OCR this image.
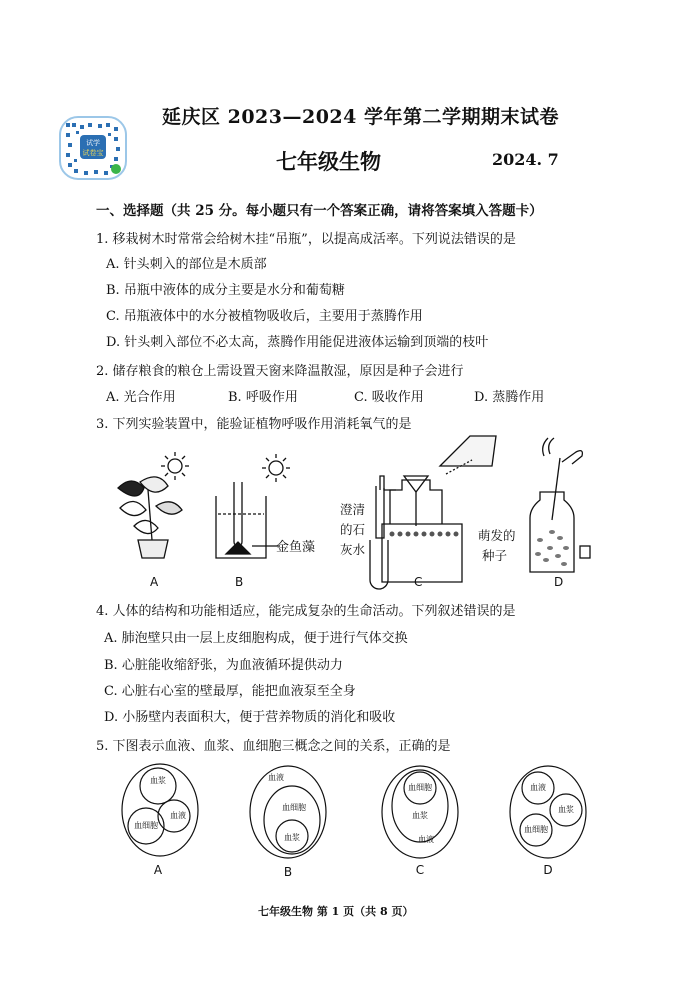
试学
试卷宝
延庆区 2023—2024 学年第二学期期末试卷
七年级生物	2024. 7
一、选择题（共 25 分。每小题只有一个答案正确，请将答案填入答题卡）
1. 移栽树木时常常会给树木挂“吊瓶”，以提高成活率。下列说法错误的是
A. 针头刺入的部位是木质部
B. 吊瓶中液体的成分主要是水分和葡萄糖
C. 吊瓶液体中的水分被植物吸收后，主要用于蒸腾作用
D. 针头刺入部位不必太高，蒸腾作用能促进液体运输到顶端的枝叶
2. 储存粮食的粮仓上需设置天窗来降温散湿，原因是种子会进行
A. 光合作用	B. 呼吸作用	C. 吸收作用	D. 蒸腾作用
3. 下列实验装置中，能验证植物呼吸作用消耗氧气的是
金鱼藻
澄清
的石
灰水
萌发的
种子
A	B	C	D
4. 人体的结构和功能相适应，能完成复杂的生命活动。下列叙述错误的是
A. 肺泡壁只由一层上皮细胞构成，便于进行气体交换
B. 心脏能收缩舒张，为血液循环提供动力
C. 心脏右心室的壁最厚，能把血液泵至全身
D. 小肠壁内表面积大，便于营养物质的消化和吸收
5. 下图表示血液、血浆、血细胞三概念之间的关系，正确的是
血浆
血液
血细胞
血液
血细胞
血浆
血细胞
血浆
血液
血液
血浆
血细胞
A	B	C	D
七年级生物 第 1 页（共 8 页）
